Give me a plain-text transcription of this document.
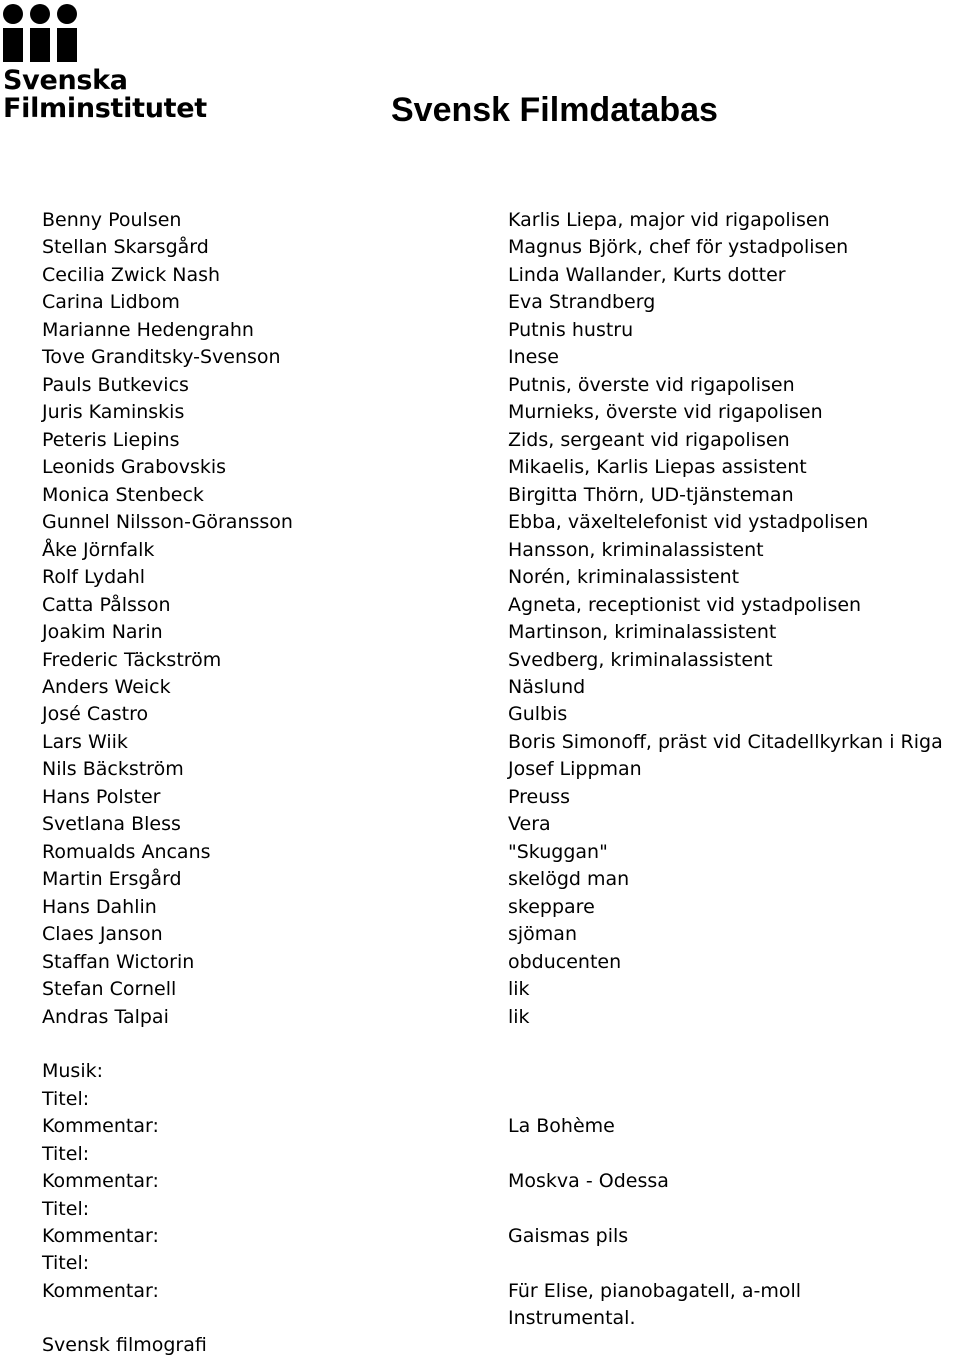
Svenska
Filminstitutet	Svensk Filmdatabas
Benny Poulsen	Karlis Liepa, major vid rigapolisen
Stellan Skarsgård	Magnus Björk, chef för ystadpolisen
Cecilia Zwick Nash	Linda Wallander, Kurts dotter
Carina Lidbom	Eva Strandberg
Marianne Hedengrahn	Putnis hustru
Tove Granditsky-Svenson	Inese
Pauls Butkevics	Putnis, överste vid rigapolisen
Juris Kaminskis	Murnieks, överste vid rigapolisen
Peteris Liepins	Zids, sergeant vid rigapolisen
Leonids Grabovskis	Mikaelis, Karlis Liepas assistent
Monica Stenbeck	Birgitta Thörn, UD-tjänsteman
Gunnel Nilsson-Göransson	Ebba, växeltelefonist vid ystadpolisen
Åke Jörnfalk	Hansson, kriminalassistent
Rolf Lydahl	Norén, kriminalassistent
Catta Pålsson	Agneta, receptionist vid ystadpolisen
Joakim Narin	Martinson, kriminalassistent
Frederic Täckström	Svedberg, kriminalassistent
Anders Weick	Näslund
José Castro	Gulbis
Lars Wiik	Boris Simonoff, präst vid Citadellkyrkan i Riga
Nils Bäckström	Josef Lippman
Hans Polster	Preuss
Svetlana Bless	Vera
Romualds Ancans	"Skuggan"
Martin Ersgård	skelögd man
Hans Dahlin	skeppare
Claes Janson	sjöman
Staffan Wictorin	obducenten
Stefan Cornell	lik
Andras Talpai	lik
Musik:
Titel:
Kommentar:	La Bohème
Titel:
Kommentar:	Moskva - Odessa
Titel:
Kommentar:	Gaismas pils
Titel:
Kommentar:	Für Elise, pianobagatell, a-moll
Instrumental.
Svensk filmografi
